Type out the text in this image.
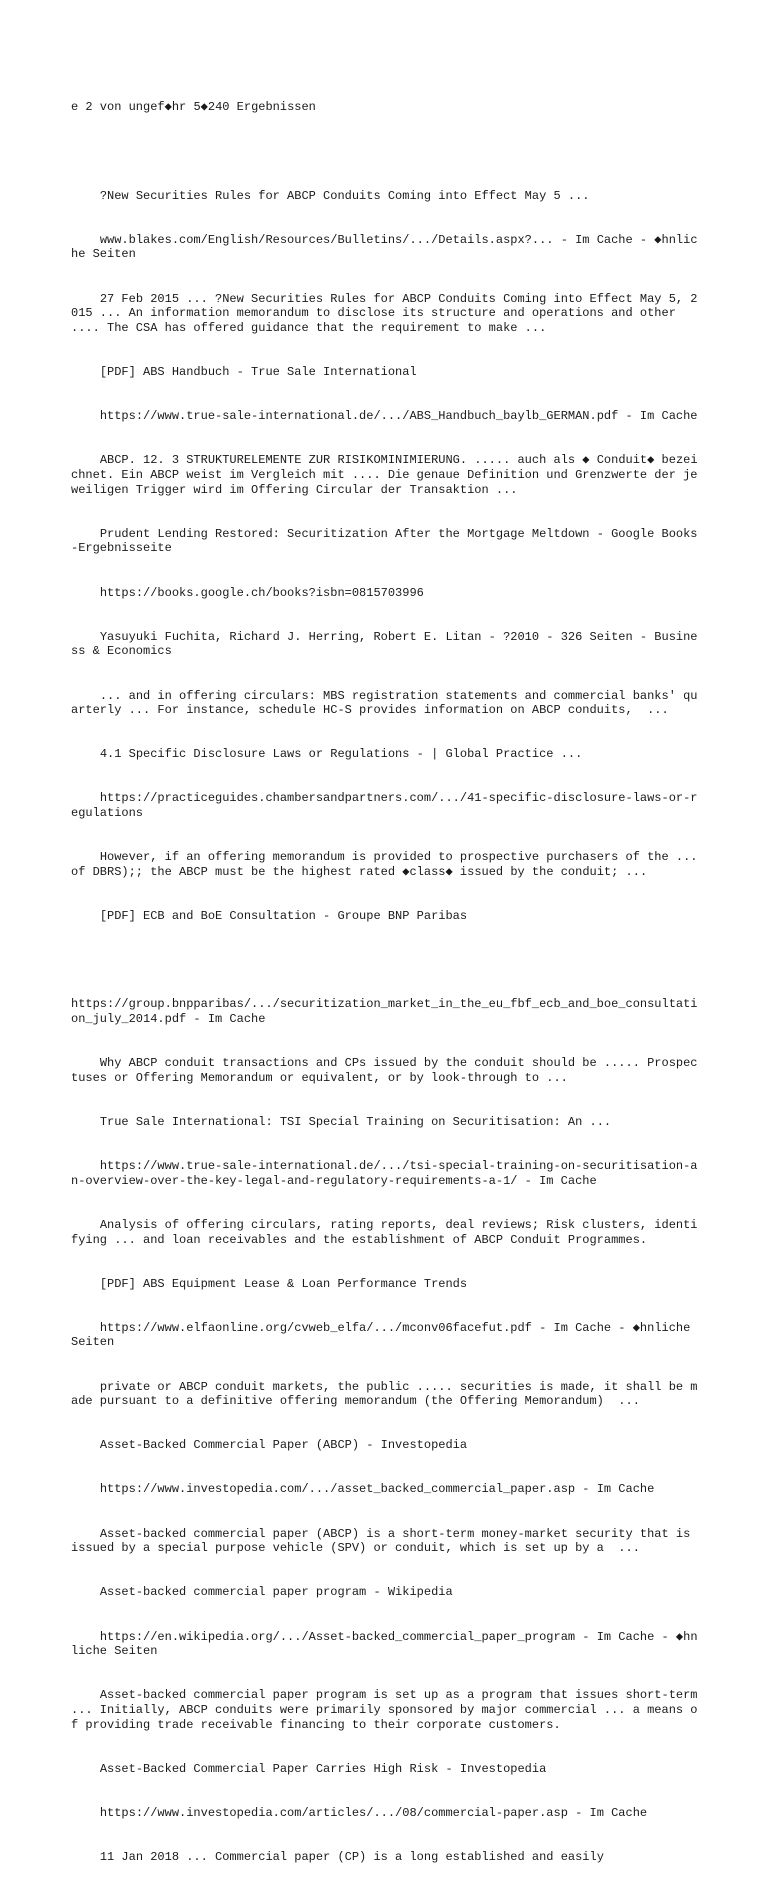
e 2 von ungef◆hr 5◆240 Ergebnissen

?New Securities Rules for ABCP Conduits Coming into Effect May 5 ...

www.blakes.com/English/Resources/Bulletins/.../Details.aspx?... - Im Cache - ◆hnliche Seiten

27 Feb 2015 ... ?New Securities Rules for ABCP Conduits Coming into Effect May 5, 2015 ... An information memorandum to disclose its structure and operations and other .... The CSA has offered guidance that the requirement to make ...

[PDF] ABS Handbuch - True Sale International

https://www.true-sale-international.de/.../ABS_Handbuch_baylb_GERMAN.pdf - Im Cache

ABCP. 12. 3 STRUKTURELEMENTE ZUR RISIKOMINIMIERUNG. ..... auch als ◆ Conduit◆ bezeichnet. Ein ABCP weist im Vergleich mit .... Die genaue Definition und Grenzwerte der jeweiligen Trigger wird im Offering Circular der Transaktion ...

Prudent Lending Restored: Securitization After the Mortgage Meltdown - Google Books-Ergebnisseite

https://books.google.ch/books?isbn=0815703996

Yasuyuki Fuchita, Richard J. Herring, Robert E. Litan - ?2010 - 326 Seiten - Business & Economics

... and in offering circulars: MBS registration statements and commercial banks' quarterly ... For instance, schedule HC-S provides information on ABCP conduits,  ...

4.1 Specific Disclosure Laws or Regulations - | Global Practice ...

https://practiceguides.chambersandpartners.com/.../41-specific-disclosure-laws-or-regulations

However, if an offering memorandum is provided to prospective purchasers of the ... of DBRS);; the ABCP must be the highest rated ◆class◆ issued by the conduit; ...

[PDF] ECB and BoE Consultation - Groupe BNP Paribas

https://group.bnpparibas/.../securitization_market_in_the_eu_fbf_ecb_and_boe_consultation_july_2014.pdf - Im Cache

Why ABCP conduit transactions and CPs issued by the conduit should be ..... Prospectuses or Offering Memorandum or equivalent, or by look-through to ...

True Sale International: TSI Special Training on Securitisation: An ...

https://www.true-sale-international.de/.../tsi-special-training-on-securitisation-an-overview-over-the-key-legal-and-regulatory-requirements-a-1/ - Im Cache

Analysis of offering circulars, rating reports, deal reviews; Risk clusters, identifying ... and loan receivables and the establishment of ABCP Conduit Programmes.

[PDF] ABS Equipment Lease & Loan Performance Trends

https://www.elfaonline.org/cvweb_elfa/.../mconv06facefut.pdf - Im Cache - ◆hnliche Seiten

private or ABCP conduit markets, the public ..... securities is made, it shall be made pursuant to a definitive offering memorandum (the Offering Memorandum)  ...

Asset-Backed Commercial Paper (ABCP) - Investopedia

https://www.investopedia.com/.../asset_backed_commercial_paper.asp - Im Cache

Asset-backed commercial paper (ABCP) is a short-term money-market security that is issued by a special purpose vehicle (SPV) or conduit, which is set up by a  ...

Asset-backed commercial paper program - Wikipedia

https://en.wikipedia.org/.../Asset-backed_commercial_paper_program - Im Cache - ◆hnliche Seiten

Asset-backed commercial paper program is set up as a program that issues short-term ... Initially, ABCP conduits were primarily sponsored by major commercial ... a means of providing trade receivable financing to their corporate customers.

Asset-Backed Commercial Paper Carries High Risk - Investopedia

https://www.investopedia.com/articles/.../08/commercial-paper.asp - Im Cache

11 Jan 2018 ... Commercial paper (CP) is a long established and easily
